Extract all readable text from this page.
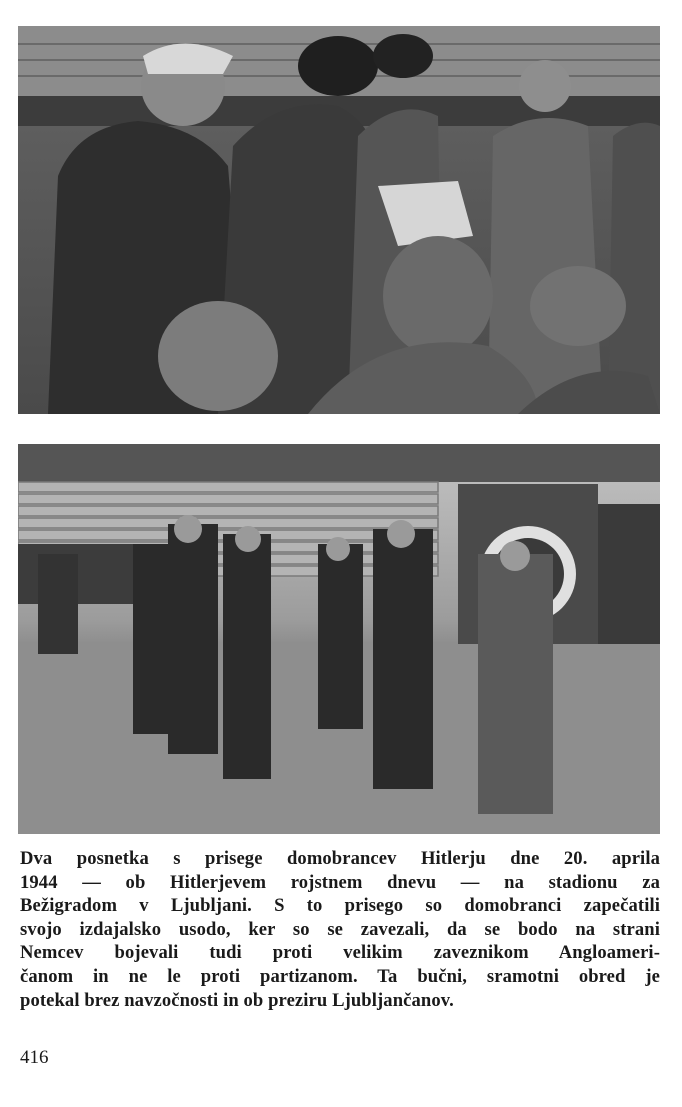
Dva posnetka s prisege domobrancev Hitlerju dne 20. aprila
1944 — ob Hitlerjevem rojstnem dnevu — na stadionu za
Bežigradom v Ljubljani. S to prisego so domobranci zapečatili
svojo izdajalsko usodo, ker so se zavezali, da se bodo na strani
Nemcev bojevali tudi proti velikim zaveznikom Angloameri-
čanom in ne le proti partizanom. Ta bučni, sramotni obred je
potekal brez navzočnosti in ob preziru Ljubljančanov.
416
